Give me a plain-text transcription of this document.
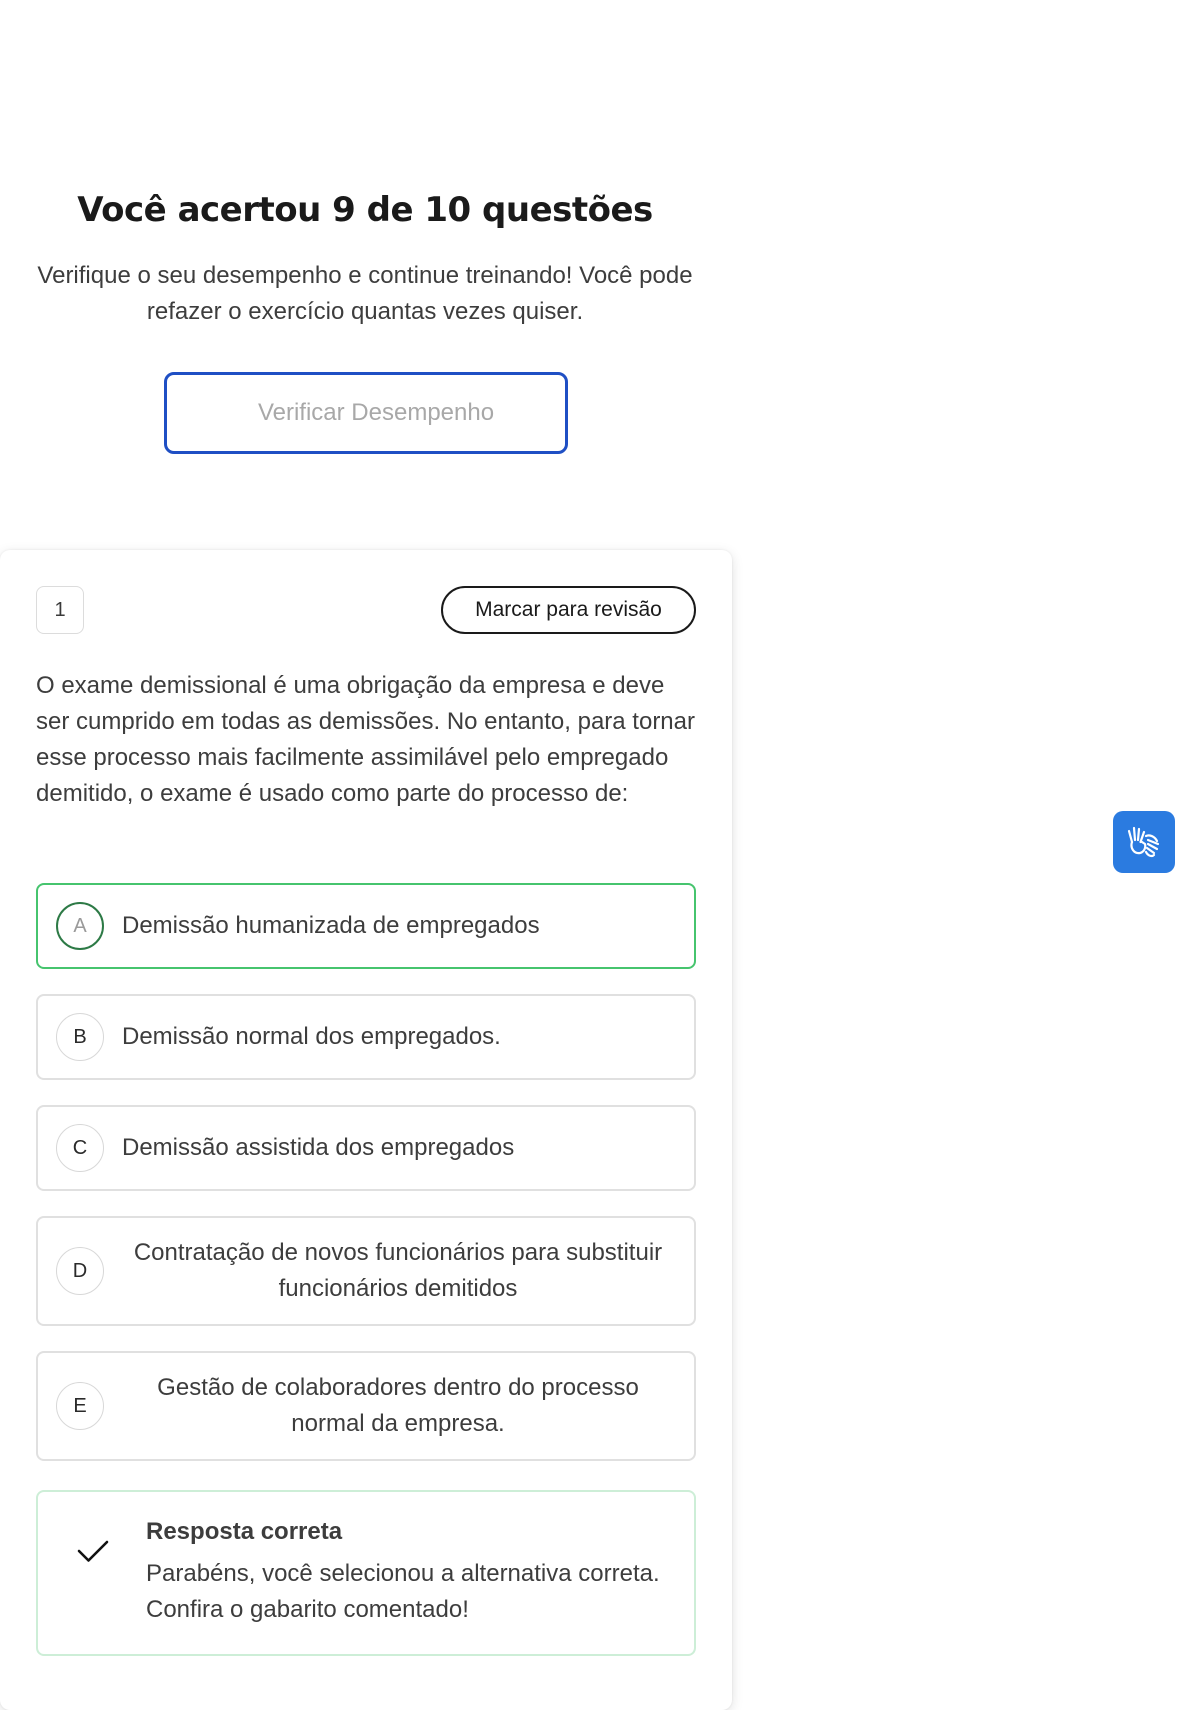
Você acertou 9 de 10 questões

Verifique o seu desempenho e continue treinando! Você pode refazer o exercício quantas vezes quiser.

Verificar Desempenho
1	Marcar para revisão

O exame demissional é uma obrigação da empresa e deve ser cumprido em todas as demissões. No entanto, para tornar esse processo mais facilmente assimilável pelo empregado demitido, o exame é usado como parte do processo de:

A	Demissão humanizada de empregados
B	Demissão normal dos empregados.
C	Demissão assistida dos empregados
D
Contratação de novos funcionários para substituir funcionários demitidos
E
Gestão de colaboradores dentro do processo normal da empresa.

Resposta correta

Parabéns, você selecionou a alternativa correta. Confira o gabarito comentado!
